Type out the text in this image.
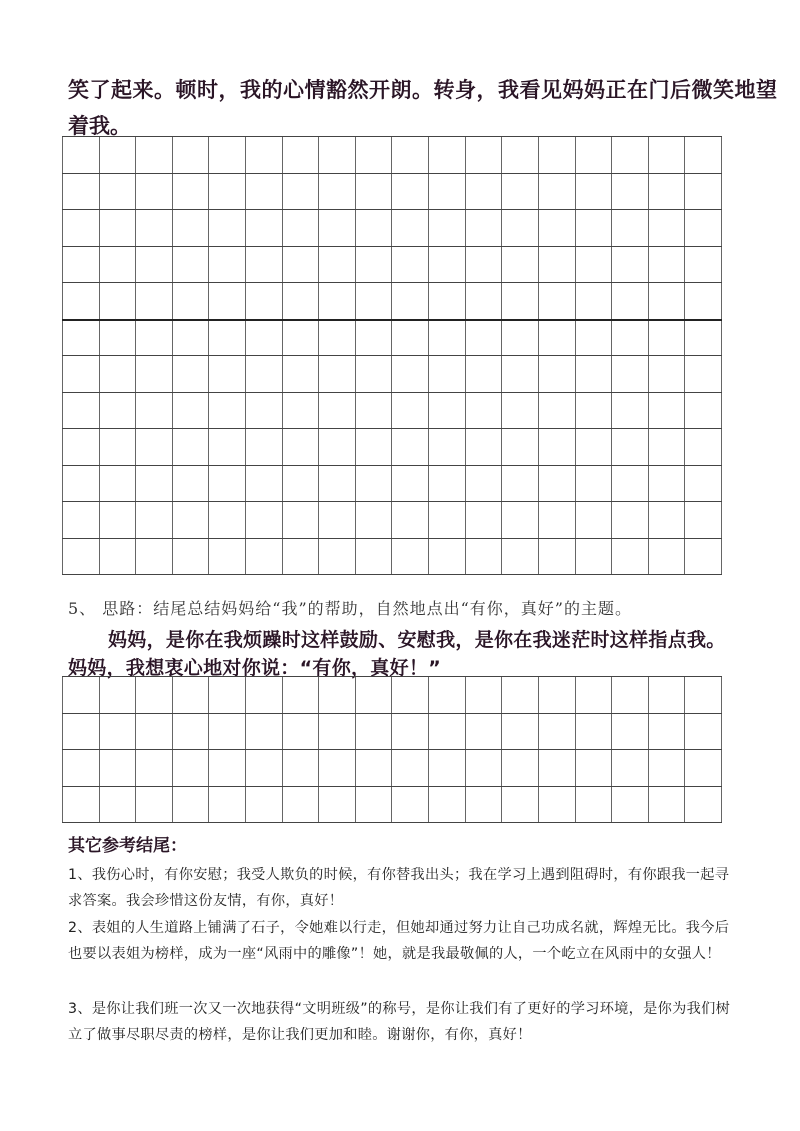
笑了起来。顿时，我的心情豁然开朗。转身，我看见妈妈正在门后微笑地望
着我。
5、 思路：结尾总结妈妈给“我”的帮助，自然地点出“有你，真好”的主题。
妈妈，是你在我烦躁时这样鼓励、安慰我，是你在我迷茫时这样指点我。
妈妈，我想衷心地对你说：“有你，真好！”
其它参考结尾：
1、我伤心时，有你安慰；我受人欺负的时候，有你替我出头；我在学习上遇到阻碍时，有你跟我一起寻求答案。我会珍惜这份友情，有你，真好！
2、表姐的人生道路上铺满了石子，令她难以行走，但她却通过努力让自己功成名就，辉煌无比。我今后也要以表姐为榜样，成为一座“风雨中的雕像”！她，就是我最敬佩的人，一个屹立在风雨中的女强人！
3、是你让我们班一次又一次地获得“文明班级”的称号，是你让我们有了更好的学习环境，是你为我们树立了做事尽职尽责的榜样，是你让我们更加和睦。谢谢你，有你，真好！
